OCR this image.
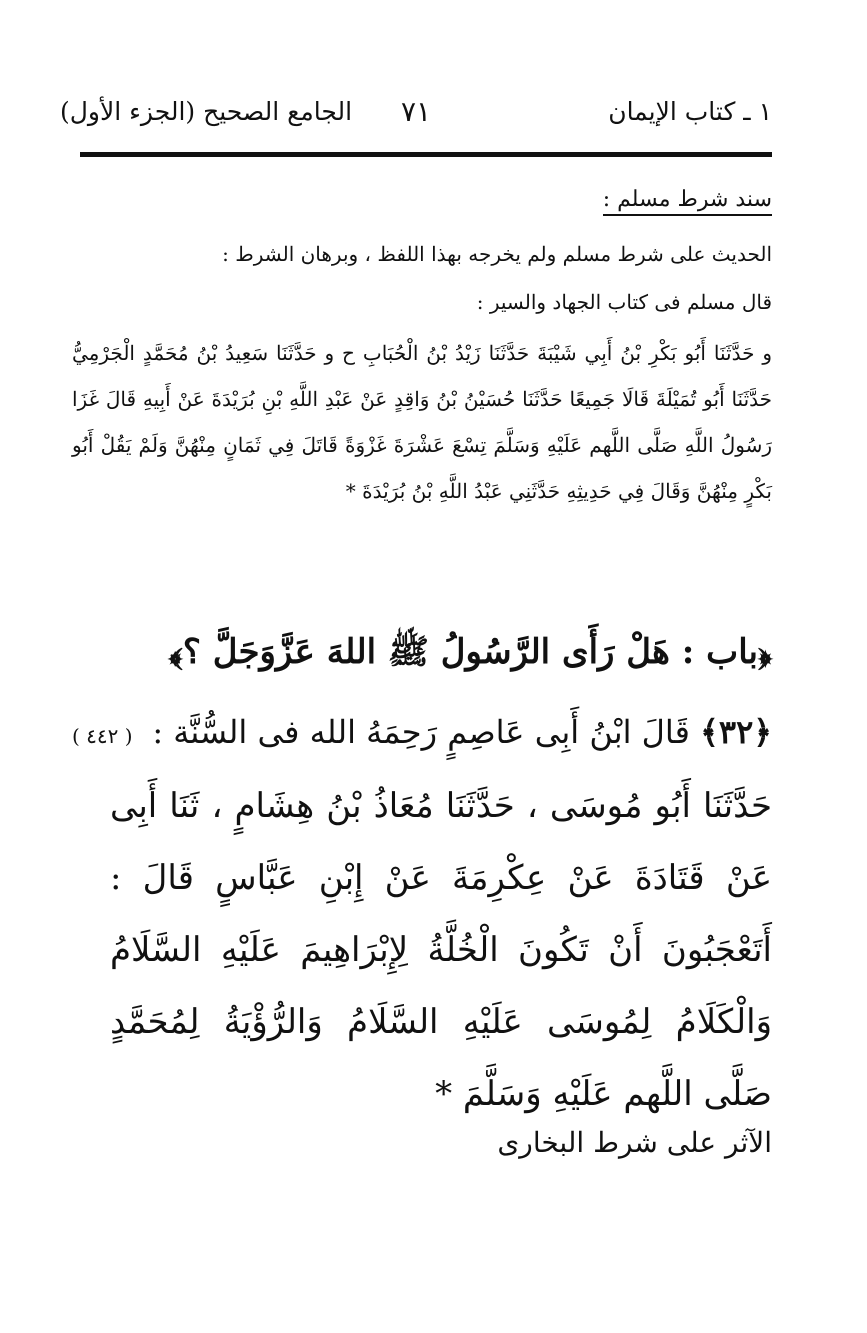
١ ـ كتاب الإيمان
٧١
الجامع الصحيح (الجزء الأول)
سند شرط مسلم :
الحديث على شرط مسلم ولم يخرجه بهذا اللفظ ، وبرهان الشرط :
قال مسلم فى كتاب الجهاد والسير :
و حَدَّثَنَا أَبُو بَكْرِ بْنُ أَبِي شَيْبَةَ حَدَّثَنَا زَيْدُ بْنُ الْحُبَابِ ح و حَدَّثَنَا سَعِيدُ بْنُ مُحَمَّدٍ الْجَرْمِيُّ حَدَّثَنَا أَبُو تُمَيْلَةَ قَالَا جَمِيعًا حَدَّثَنَا حُسَيْنُ بْنُ وَاقِدٍ عَنْ عَبْدِ اللَّهِ بْنِ بُرَيْدَةَ عَنْ أَبِيهِ قَالَ غَزَا رَسُولُ اللَّهِ صَلَّى اللَّهم عَلَيْهِ وَسَلَّمَ تِسْعَ عَشْرَةَ غَزْوَةً قَاتَلَ فِي ثَمَانٍ مِنْهُنَّ وَلَمْ يَقُلْ أَبُو بَكْرٍ مِنْهُنَّ وَقَالَ فِي حَدِيثِهِ حَدَّثَنِي عَبْدُ اللَّهِ بْنُ بُرَيْدَةَ *
﴿باب : هَلْ رَأَى الرَّسُولُ ﷺ اللهَ عَزَّوَجَلَّ ؟﴾
﴿٣٢﴾ قَالَ ابْنُ أَبِى عَاصِمٍ رَحِمَهُ الله فى السُّنَّة :
( ٤٤٢ )
حَدَّثَنَا أَبُو مُوسَى ، حَدَّثَنَا مُعَاذُ بْنُ هِشَامٍ ، ثَنَا أَبِى عَنْ قَتَادَةَ عَنْ عِكْرِمَةَ عَنْ إِبْنِ عَبَّاسٍ قَالَ : أَتَعْجَبُونَ أَنْ تَكُونَ الْخُلَّةُ لِإِبْرَاهِيمَ عَلَيْهِ السَّلَامُ وَالْكَلَامُ لِمُوسَى عَلَيْهِ السَّلَامُ وَالرُّؤْيَةُ لِمُحَمَّدٍ صَلَّى اللَّهم عَلَيْهِ وَسَلَّمَ *
الآثر على شرط البخارى
